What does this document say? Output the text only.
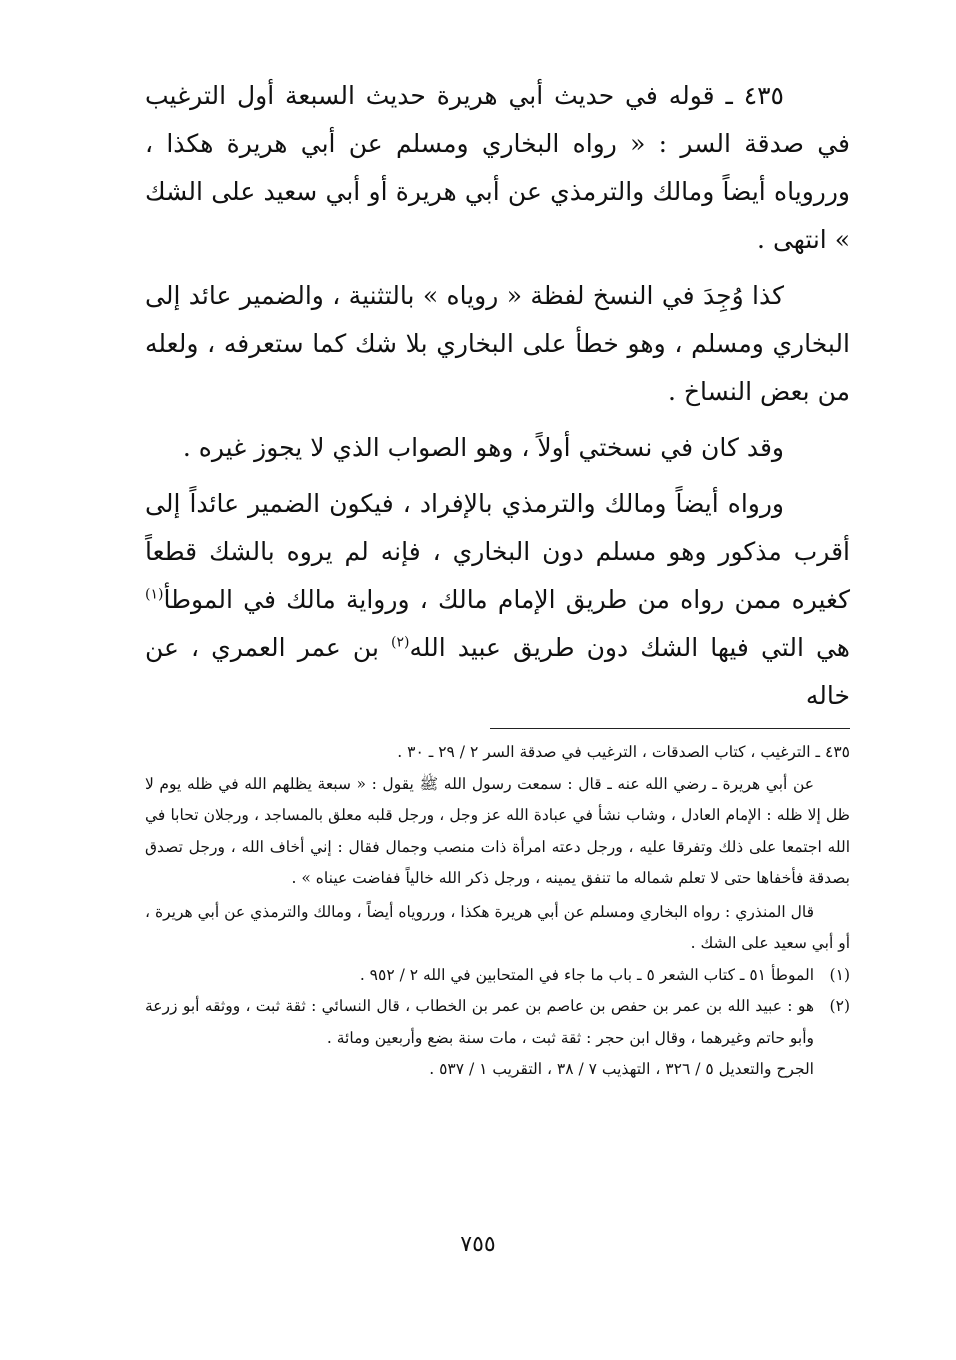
٤٣٥ ـ قوله في حديث أبي هريرة حديث السبعة أول الترغيب في صدقة السر : « رواه البخاري ومسلم عن أبي هريرة هكذا ، ورروياه أيضاً ومالك والترمذي عن أبي هريرة أو أبي سعيد على الشك » انتهى .

كذا وُجِدَ في النسخ لفظة « روياه » بالتثنية ، والضمير عائد إلى البخاري ومسلم ، وهو خطأ على البخاري بلا شك كما ستعرفه ، ولعله من بعض النساخ .

وقد كان في نسختي أولاً ، وهو الصواب الذي لا يجوز غيره .

ورواه أيضاً ومالك والترمذي بالإفراد ، فيكون الضمير عائداً إلى أقرب مذكور وهو مسلم دون البخاري ، فإنه لم يروه بالشك قطعاً كغيره ممن رواه من طريق الإمام مالك ، ورواية مالك في الموطأ$^{(١)}$ هي التي فيها الشك دون طريق عبيد الله$^{(٢)}$ بن عمر العمري ، عن خاله

٤٣٥ ـ الترغيب ، كتاب الصدقات ، الترغيب في صدقة السر ٢ / ٢٩ ـ ٣٠ .

عن أبي هريرة ـ رضي الله عنه ـ قال : سمعت رسول الله ﷺ يقول : « سبعة يظلهم الله في ظله يوم لا ظل إلا ظله : الإمام العادل ، وشاب نشأ في عبادة الله عز وجل ، ورجل قلبه معلق بالمساجد ، ورجلان تحابا في الله اجتمعا على ذلك وتفرقا عليه ، ورجل دعته امرأة ذات منصب وجمال فقال : إني أخاف الله ، ورجل تصدق بصدقة فأخفاها حتى لا تعلم شماله ما تنفق يمينه ، ورجل ذكر الله خالياً ففاضت عيناه » .

قال المنذري : رواه البخاري ومسلم عن أبي هريرة هكذا ، ورروياه أيضاً ، ومالك والترمذي عن أبي هريرة ، أو أبي سعيد على الشك .

(١)
الموطأ ٥١ ـ كتاب الشعر ٥ ـ باب ما جاء في المتحابين في الله ٢ / ٩٥٢ .
(٢)
هو : عبيد الله بن عمر بن حفص بن عاصم بن عمر بن الخطاب ، قال النسائي : ثقة ثبت ، ووثقه أبو زرعة وأبو حاتم وغيرهما ، وقال ابن حجر : ثقة ثبت ، مات سنة بضع وأربعين ومائة .

الجرح والتعديل ٥ / ٣٢٦ ، التهذيب ٧ / ٣٨ ، التقريب ١ / ٥٣٧ .

٧٥٥
